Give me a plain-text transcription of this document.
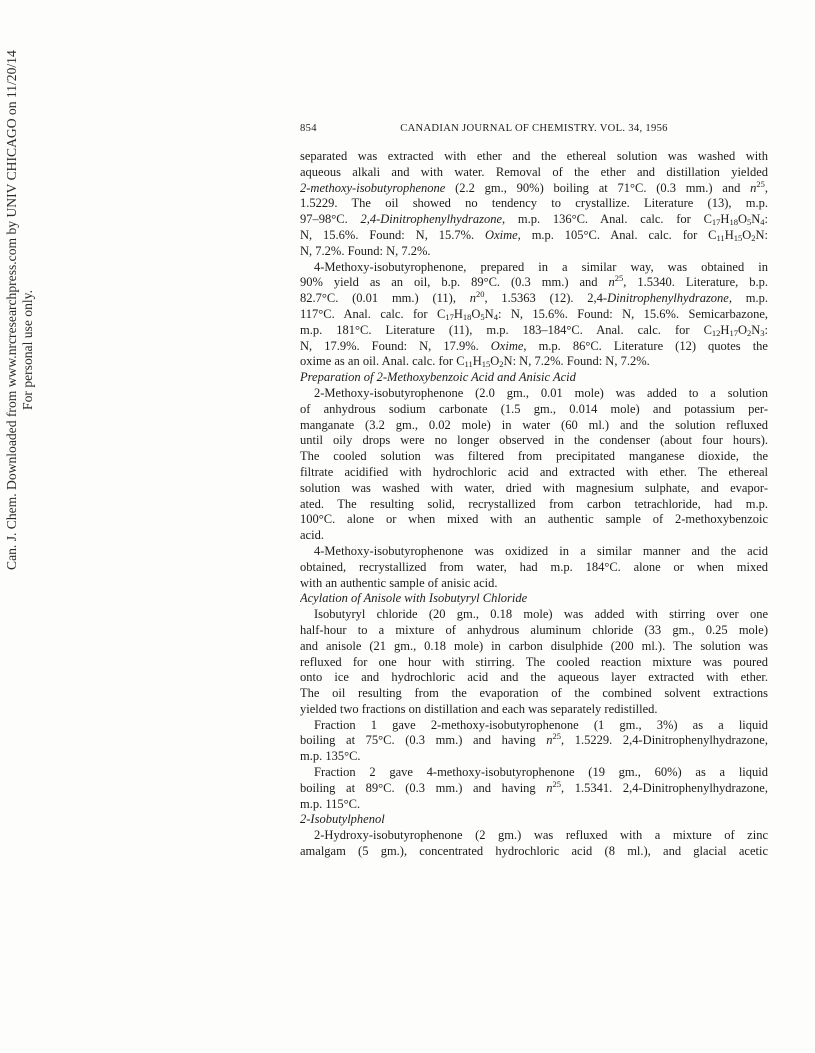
Can. J. Chem. Downloaded from www.nrcresearchpress.com by UNIV CHICAGO on 11/20/14 For personal use only.
854	CANADIAN JOURNAL OF CHEMISTRY. VOL. 34, 1956
separated was extracted with ether and the ethereal solution was washed with
aqueous alkali and with water. Removal of the ether and distillation yielded
2-methoxy-isobutyrophenone (2.2 gm., 90%) boiling at 71°C. (0.3 mm.) and $n^{25}$,
1.5229. The oil showed no tendency to crystallize. Literature (13), m.p.
97–98°C. 2,4-Dinitrophenylhydrazone, m.p. 136°C. Anal. calc. for $C_{17}H_{18}O_5N_4$:
N, 15.6%. Found: N, 15.7%. Oxime, m.p. 105°C. Anal. calc. for $C_{11}H_{15}O_2N$:
N, 7.2%. Found: N, 7.2%.
4-Methoxy-isobutyrophenone, prepared in a similar way, was obtained in
90% yield as an oil, b.p. 89°C. (0.3 mm.) and $n^{25}$, 1.5340. Literature, b.p.
82.7°C. (0.01 mm.) (11), $n^{20}$, 1.5363 (12). 2,4-Dinitrophenylhydrazone, m.p.
117°C. Anal. calc. for $C_{17}H_{18}O_5N_4$: N, 15.6%. Found: N, 15.6%. Semicarbazone,
m.p. 181°C. Literature (11), m.p. 183–184°C. Anal. calc. for $C_{12}H_{17}O_2N_3$:
N, 17.9%. Found: N, 17.9%. Oxime, m.p. 86°C. Literature (12) quotes the
oxime as an oil. Anal. calc. for $C_{11}H_{15}O_2N$: N, 7.2%. Found: N, 7.2%.
Preparation of 2-Methoxybenzoic Acid and Anisic Acid
2-Methoxy-isobutyrophenone (2.0 gm., 0.01 mole) was added to a solution
of anhydrous sodium carbonate (1.5 gm., 0.014 mole) and potassium per-
manganate (3.2 gm., 0.02 mole) in water (60 ml.) and the solution refluxed
until oily drops were no longer observed in the condenser (about four hours).
The cooled solution was filtered from precipitated manganese dioxide, the
filtrate acidified with hydrochloric acid and extracted with ether. The ethereal
solution was washed with water, dried with magnesium sulphate, and evapor-
ated. The resulting solid, recrystallized from carbon tetrachloride, had m.p.
100°C. alone or when mixed with an authentic sample of 2-methoxybenzoic
acid.
4-Methoxy-isobutyrophenone was oxidized in a similar manner and the acid
obtained, recrystallized from water, had m.p. 184°C. alone or when mixed
with an authentic sample of anisic acid.
Acylation of Anisole with Isobutyryl Chloride
Isobutyryl chloride (20 gm., 0.18 mole) was added with stirring over one
half-hour to a mixture of anhydrous aluminum chloride (33 gm., 0.25 mole)
and anisole (21 gm., 0.18 mole) in carbon disulphide (200 ml.). The solution was
refluxed for one hour with stirring. The cooled reaction mixture was poured
onto ice and hydrochloric acid and the aqueous layer extracted with ether.
The oil resulting from the evaporation of the combined solvent extractions
yielded two fractions on distillation and each was separately redistilled.
Fraction 1 gave 2-methoxy-isobutyrophenone (1 gm., 3%) as a liquid
boiling at 75°C. (0.3 mm.) and having $n^{25}$, 1.5229. 2,4-Dinitrophenylhydrazone,
m.p. 135°C.
Fraction 2 gave 4-methoxy-isobutyrophenone (19 gm., 60%) as a liquid
boiling at 89°C. (0.3 mm.) and having $n^{25}$, 1.5341. 2,4-Dinitrophenylhydrazone,
m.p. 115°C.
2-Isobutylphenol
2-Hydroxy-isobutyrophenone (2 gm.) was refluxed with a mixture of zinc
amalgam (5 gm.), concentrated hydrochloric acid (8 ml.), and glacial acetic
